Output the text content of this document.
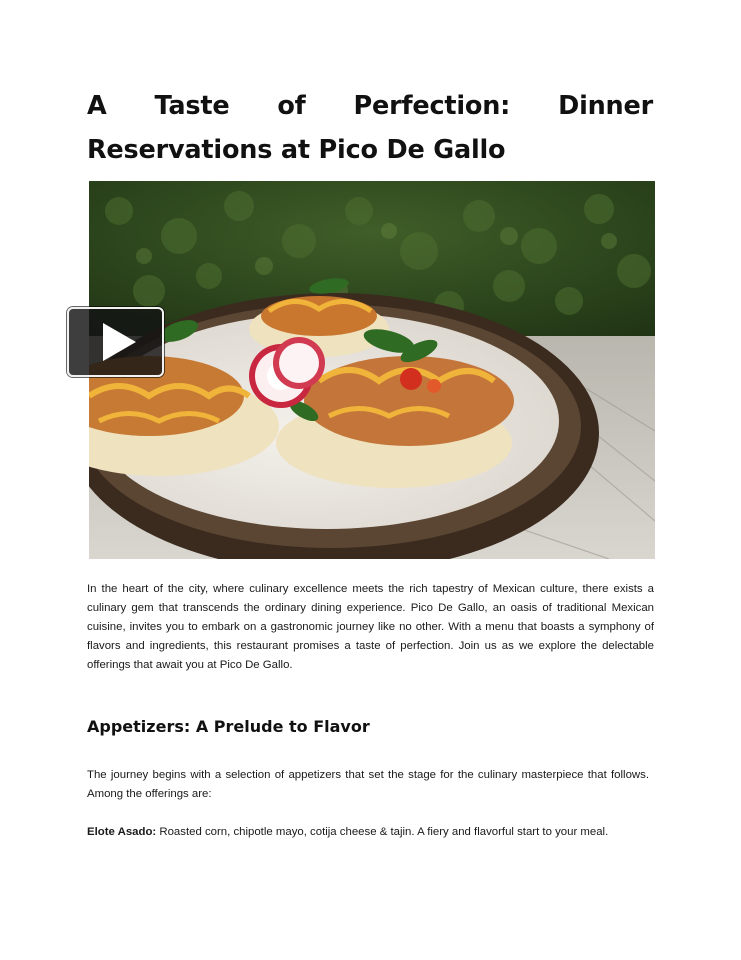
A Taste of Perfection: Dinner Reservations at Pico De Gallo

In the heart of the city, where culinary excellence meets the rich tapestry of Mexican culture, there exists a culinary gem that transcends the ordinary dining experience. Pico De Gallo, an oasis of traditional Mexican cuisine, invites you to embark on a gastronomic journey like no other. With a menu that boasts a symphony of flavors and ingredients, this restaurant promises a taste of perfection. Join us as we explore the delectable offerings that await you at Pico De Gallo.

Appetizers: A Prelude to Flavor

The journey begins with a selection of appetizers that set the stage for the culinary masterpiece that follows. Among the offerings are:

Elote Asado: Roasted corn, chipotle mayo, cotija cheese & tajin. A fiery and flavorful start to your meal.
